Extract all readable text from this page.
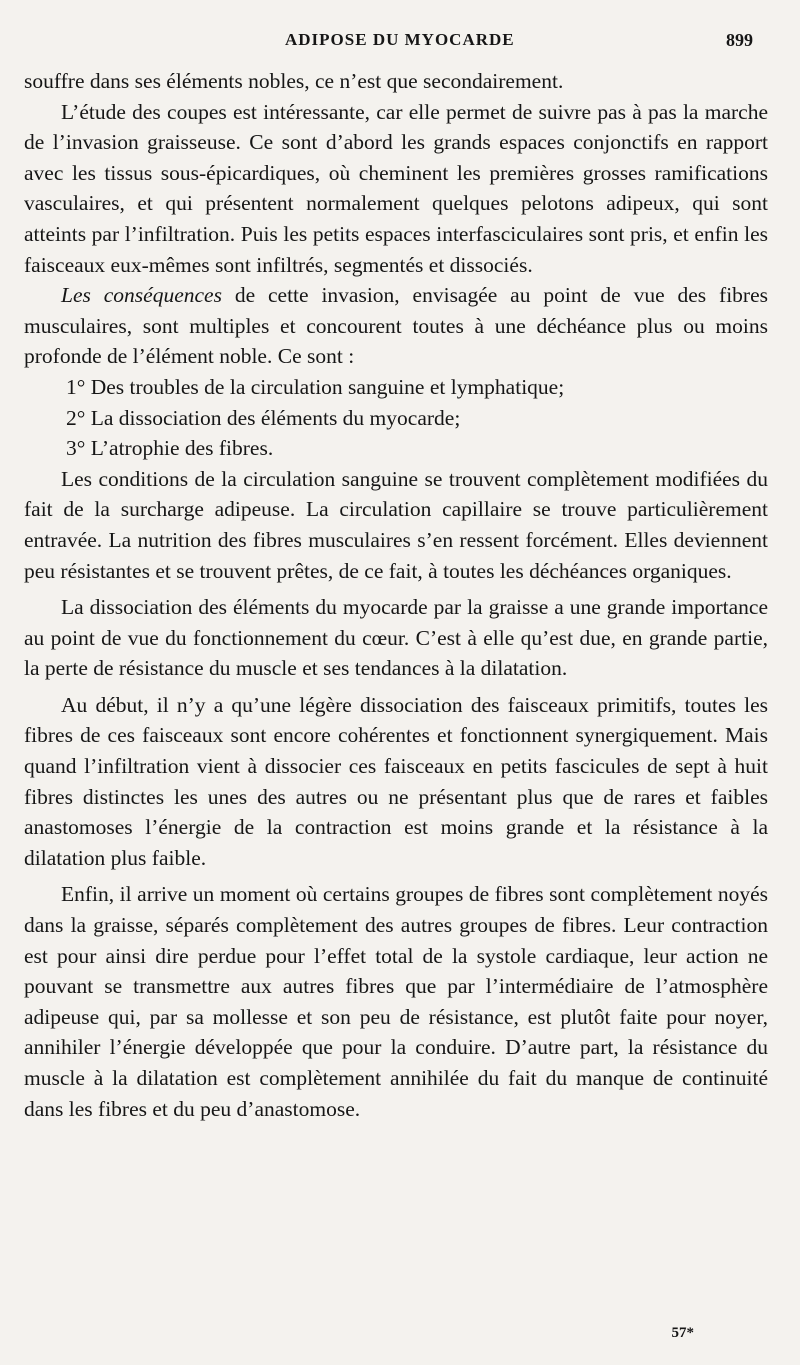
ADIPOSE DU MYOCARDE	899

souffre dans ses éléments nobles, ce n’est que secondairement.

L’étude des coupes est intéressante, car elle permet de suivre pas à pas la marche de l’invasion graisseuse. Ce sont d’abord les grands espaces conjonctifs en rapport avec les tissus sous-épicardiques, où cheminent les premières grosses ramifications vasculaires, et qui présentent normalement quelques pelotons adipeux, qui sont atteints par l’infiltration. Puis les petits espaces interfasciculaires sont pris, et enfin les faisceaux eux-mêmes sont infiltrés, segmentés et dissociés.

Les conséquences de cette invasion, envisagée au point de vue des fibres musculaires, sont multiples et concourent toutes à une déchéance plus ou moins profonde de l’élément noble. Ce sont :

1° Des troubles de la circulation sanguine et lymphatique;

2° La dissociation des éléments du myocarde;

3° L’atrophie des fibres.

Les conditions de la circulation sanguine se trouvent complètement modifiées du fait de la surcharge adipeuse. La circulation capillaire se trouve particulièrement entravée. La nutrition des fibres musculaires s’en ressent forcément. Elles deviennent peu résistantes et se trouvent prêtes, de ce fait, à toutes les déchéances organiques.

La dissociation des éléments du myocarde par la graisse a une grande importance au point de vue du fonctionnement du cœur. C’est à elle qu’est due, en grande partie, la perte de résistance du muscle et ses tendances à la dilatation.

Au début, il n’y a qu’une légère dissociation des faisceaux primitifs, toutes les fibres de ces faisceaux sont encore cohérentes et fonctionnent synergiquement. Mais quand l’infiltration vient à dissocier ces faisceaux en petits fascicules de sept à huit fibres distinctes les unes des autres ou ne présentant plus que de rares et faibles anastomoses l’énergie de la contraction est moins grande et la résistance à la dilatation plus faible.

Enfin, il arrive un moment où certains groupes de fibres sont complètement noyés dans la graisse, séparés complètement des autres groupes de fibres. Leur contraction est pour ainsi dire perdue pour l’effet total de la systole cardiaque, leur action ne pouvant se transmettre aux autres fibres que par l’intermédiaire de l’atmosphère adipeuse qui, par sa mollesse et son peu de résistance, est plutôt faite pour noyer, annihiler l’énergie développée que pour la conduire. D’autre part, la résistance du muscle à la dilatation est complètement annihilée du fait du manque de continuité dans les fibres et du peu d’anastomose.

57*
